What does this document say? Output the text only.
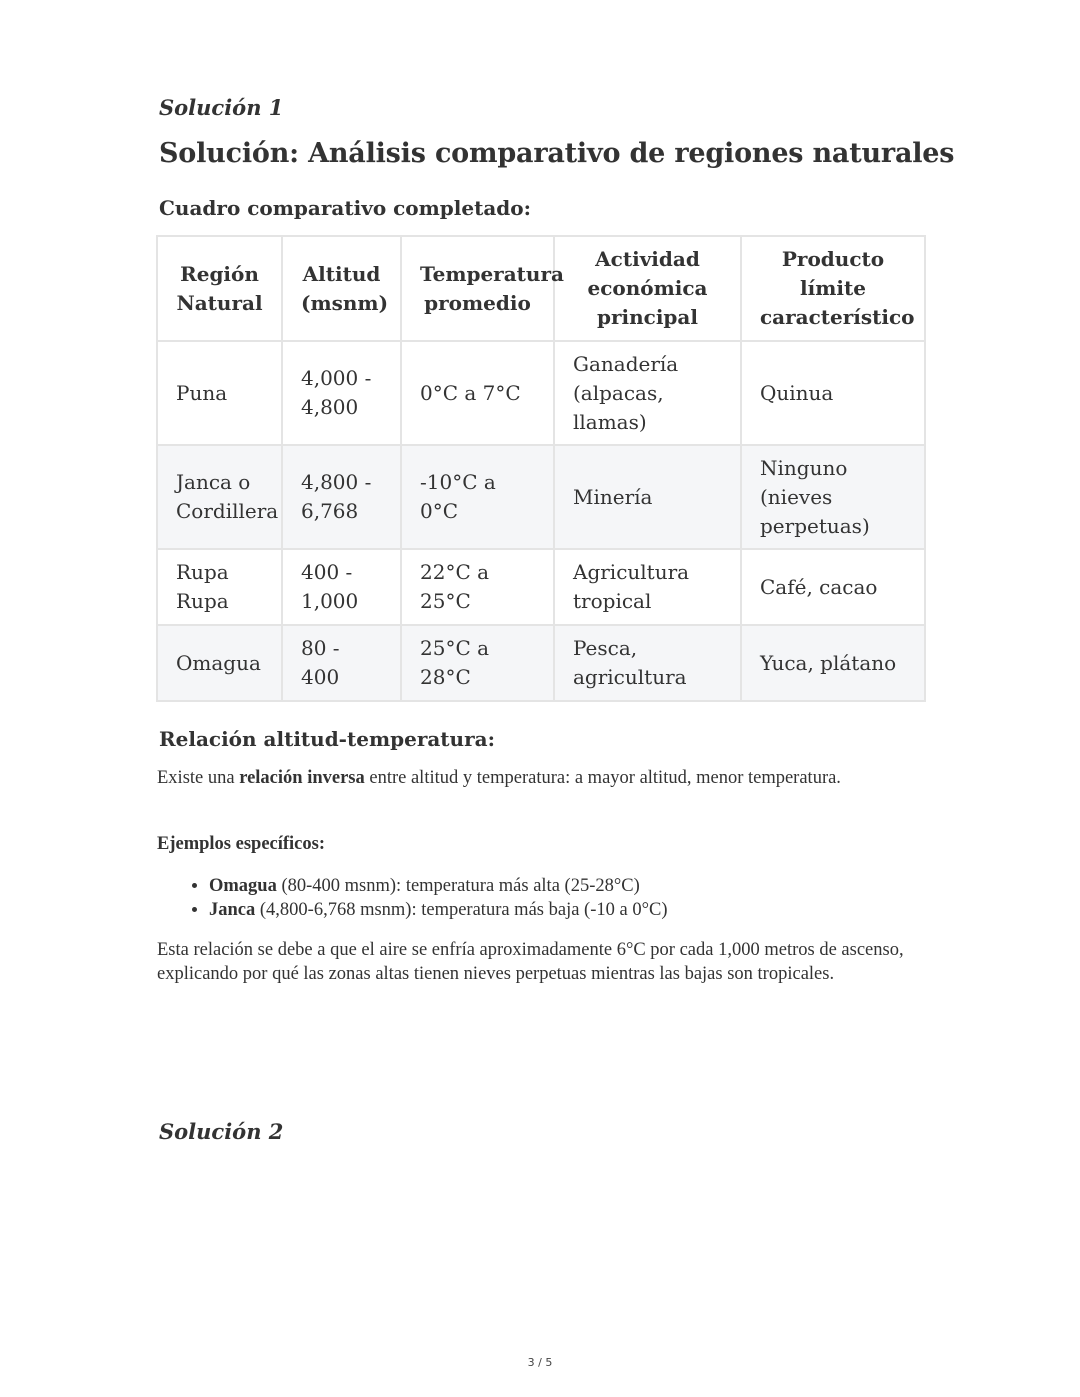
Solución 1
Solución: Análisis comparativo de regiones naturales
Cuadro comparativo completado:
Región Natural	Altitud (msnm)	Temperatura promedio	Actividad económica principal	Producto límite característico
Puna	4,000 - 4,800	0°C a 7°C	Ganadería (alpacas, llamas)	Quinua
Janca o Cordillera	4,800 - 6,768	-10°C a 0°C	Minería	Ninguno (nieves perpetuas)
Rupa Rupa	400 - 1,000	22°C a 25°C	Agricultura tropical	Café, cacao
Omagua	80 - 400	25°C a 28°C	Pesca, agricultura	Yuca, plátano
Relación altitud-temperatura:
Existe una relación inversa entre altitud y temperatura: a mayor altitud, menor temperatura.
Ejemplos específicos:
• Omagua (80-400 msnm): temperatura más alta (25-28°C)
• Janca (4,800-6,768 msnm): temperatura más baja (-10 a 0°C)
Esta relación se debe a que el aire se enfría aproximadamente 6°C por cada 1,000 metros de ascenso, explicando por qué las zonas altas tienen nieves perpetuas mientras las bajas son tropicales.
Solución 2
3 / 5
